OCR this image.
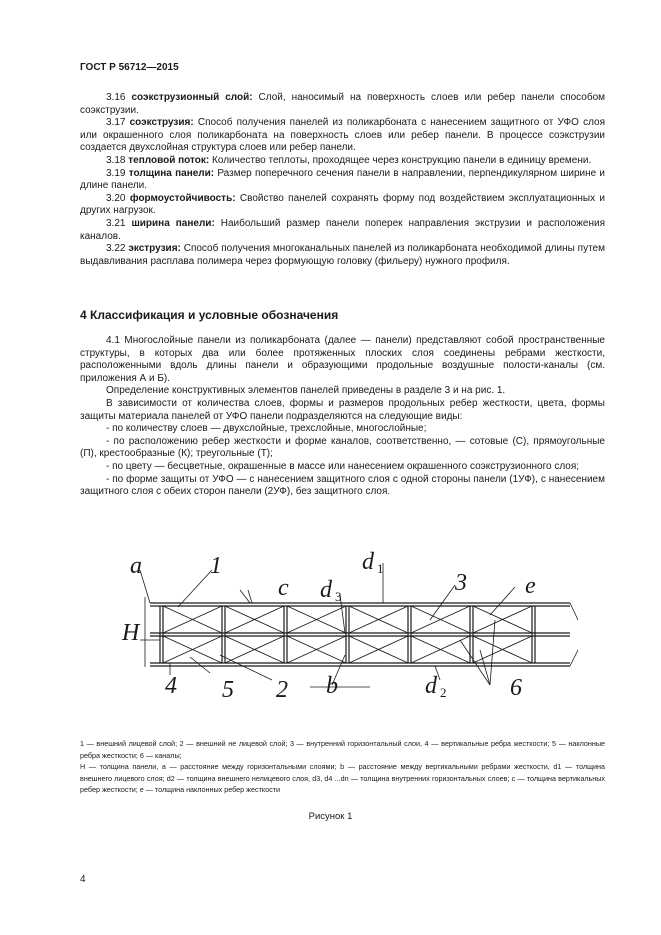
ГОСТ Р 56712—2015

3.16 соэкструзионный слой: Слой, наносимый на поверхность слоев или ребер панели способом соэкструзии.

3.17 соэкструзия: Способ получения панелей из поликарбоната с нанесением защитного от УФО слоя или окрашенного слоя поликарбоната на поверхность слоев или ребер панели. В процессе соэкструзии создается двухслойная структура слоев или ребер панели.

3.18 тепловой поток: Количество теплоты, проходящее через конструкцию панели в единицу времени.

3.19 толщина панели: Размер поперечного сечения панели в направлении, перпендикулярном ширине и длине панели.

3.20 формоустойчивость: Свойство панелей сохранять форму под воздействием эксплуатационных и других нагрузок.

3.21 ширина панели: Наибольший размер панели поперек направления экструзии и расположения каналов.

3.22 экструзия: Способ получения многоканальных панелей из поликарбоната необходимой длины путем выдавливания расплава полимера через формующую головку (фильеру) нужного профиля.

4 Классификация и условные обозначения

4.1 Многослойные панели из поликарбоната (далее — панели) представляют собой пространственные структуры, в которых два или более протяженных плоских слоя соединены ребрами жесткости, расположенными вдоль длины панели и образующими продольные воздушные полости-каналы (см. приложения А и Б).

Определение конструктивных элементов панелей приведены в разделе 3 и на рис. 1.

В зависимости от количества слоев, формы и размеров продольных ребер жесткости, цвета, формы защиты материала панелей от УФО панели подразделяются на следующие виды:

- по количеству слоев — двухслойные, трехслойные, многослойные;

- по расположению ребер жесткости и форме каналов, соответственно, — сотовые (С), прямоугольные (П), крестообразные (К); треугольные (Т);

- по цвету — бесцветные, окрашенные в массе или нанесением окрашенного соэкструзионного слоя;

- по форме защиты от УФО — с нанесением защитного слоя с одной стороны панели (1УФ), с нанесением защитного слоя с обеих сторон панели (2УФ), без защитного слоя.

a	1
c d
d
3 e
H
4 5 2 b	d	6
3
1
2

1 — внешний лицевой слой; 2 — внешний не лицевой слой; 3 — внутренний горизонтальный слои, 4 — вертикальные ребра жесткости; 5 — наклонные ребра жесткости; 6 — каналы;

H — толщина панели, a — расстояние между горизонтальными слоями; b — расстояние между вертикальными ребрами жесткости, d1 — толщина внешнего лицевого слоя; d2 — толщина внешнего нелицевого слоя, d3, d4 ...dn — толщина внутренних горизонтальных слоев; c — толщина вертикальных ребер жесткости; e — толщина наклонных ребер жесткости

Рисунок 1
4
